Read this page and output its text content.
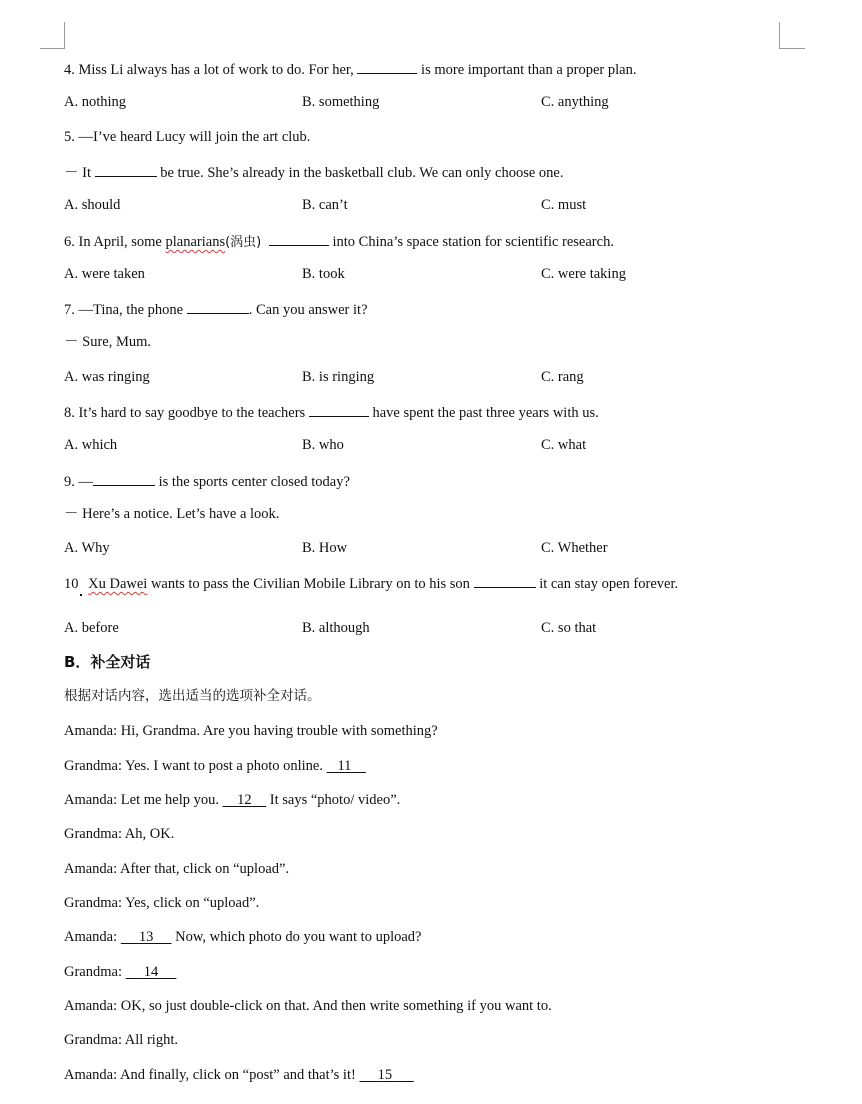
4. Miss Li always has a lot of work to do. For her,	is more important than a proper plan.
A. nothing	B. something	C. anything
5. —I’ve heard Lucy will join the art club.
－ It	be true. She’s already in the basketball club. We can only choose one.
A. should	B. can’t	C. must
6. In April, some planarians(涡虫)	into China’s space station for scientific research.
A. were taken	B. took	C. were taking
7. —Tina, the phone	. Can you answer it?
－ Sure, Mum.
A. was ringing	B. is ringing	C. rang
8. It’s hard to say goodbye to the teachers	have spent the past three years with us.
A. which	B. who	C. what
9. —	is the sports center closed today?
－ Here’s a notice. Let’s have a look.
A. Why	B. How	C. Whether
10 Xu Dawei wants to pass the Civilian Mobile Library on to his son	it can stay open forever.
A. before	B. although	C. so that
B．补全对话
根据对话内容，选出适当的选项补全对话。
Amanda: Hi, Grandma. Are you having trouble with something?
Grandma: Yes. I want to post a photo online. 11
Amanda: Let me help you. 12 It says “photo/ video”.
Grandma: Ah, OK.
Amanda: After that, click on “upload”.
Grandma: Yes, click on “upload”.
Amanda: 13 Now, which photo do you want to upload?
Grandma: 14
Amanda: OK, so just double-click on that. And then write something if you want to.
Grandma: All right.
Amanda: And finally, click on “post” and that’s it! 15
